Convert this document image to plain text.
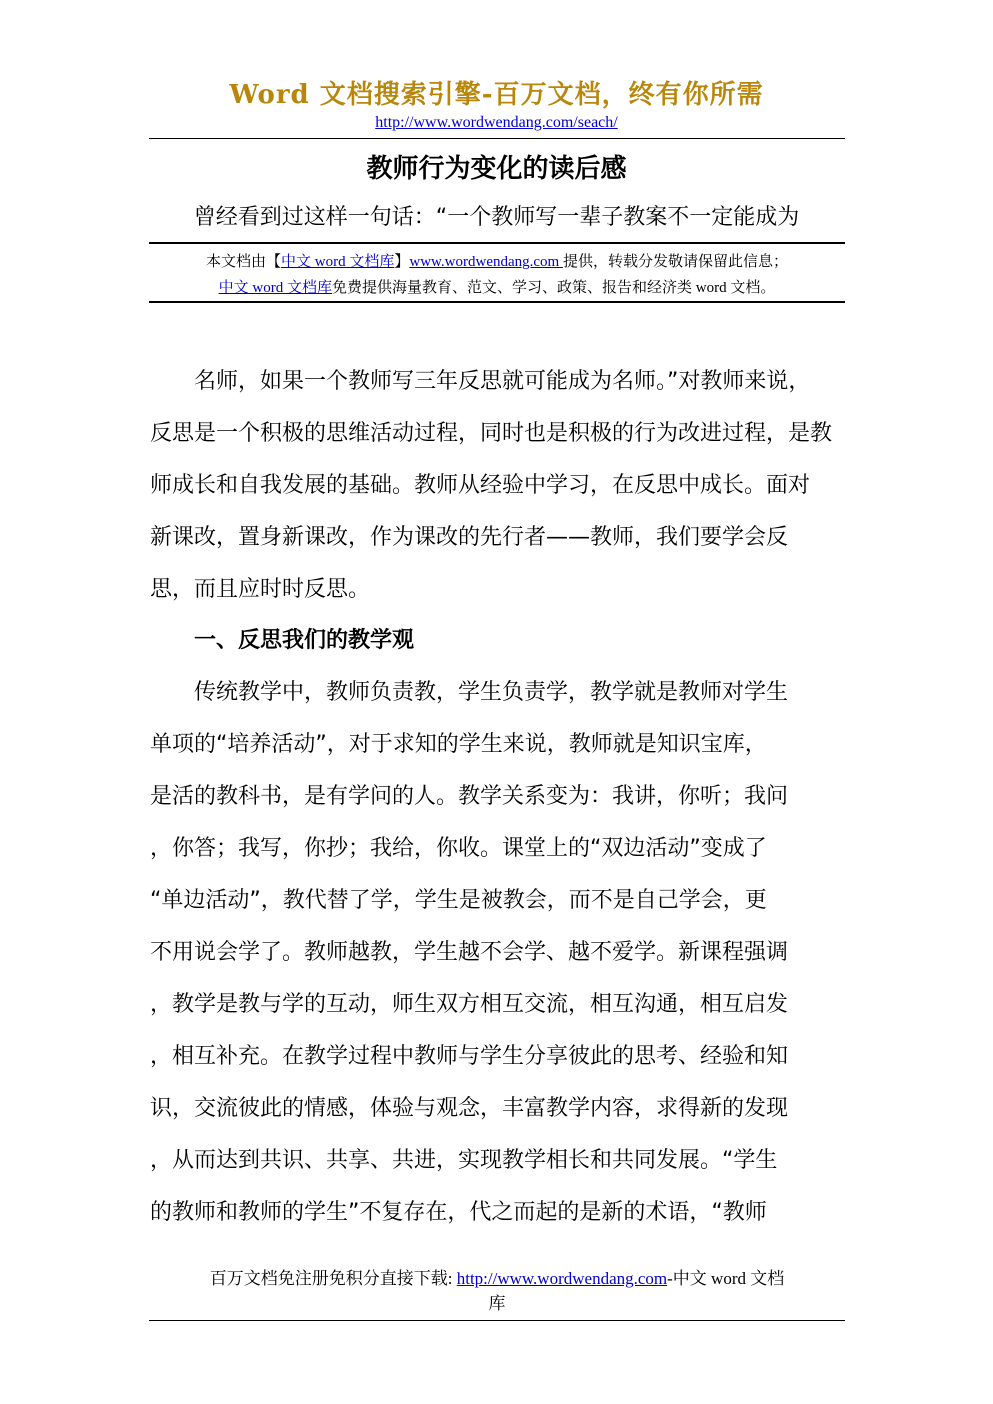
Word 文档搜索引擎-百万文档，终有你所需
http://www.wordwendang.com/seach/
教师行为变化的读后感
曾经看到过这样一句话：“一个教师写一辈子教案不一定能成为
本文档由【中文 word 文档库】www.wordwendang.com 提供，转载分发敬请保留此信息；
中文 word 文档库免费提供海量教育、范文、学习、政策、报告和经济类 word 文档。
　　名师，如果一个教师写三年反思就可能成为名师。”对教师来说，
反思是一个积极的思维活动过程，同时也是积极的行为改进过程，是教
师成长和自我发展的基础。教师从经验中学习，在反思中成长。面对
新课改，置身新课改，作为课改的先行者——教师，我们要学会反
思，而且应时时反思。
　　一、反思我们的教学观
　　传统教学中，教师负责教，学生负责学，教学就是教师对学生
单项的“培养活动”，对于求知的学生来说，教师就是知识宝库，
是活的教科书，是有学问的人。教学关系变为：我讲，你听；我问
，你答；我写，你抄；我给，你收。课堂上的“双边活动”变成了
“单边活动”，教代替了学，学生是被教会，而不是自己学会，更
不用说会学了。教师越教，学生越不会学、越不爱学。新课程强调
，教学是教与学的互动，师生双方相互交流，相互沟通，相互启发
，相互补充。在教学过程中教师与学生分享彼此的思考、经验和知
识，交流彼此的情感，体验与观念，丰富教学内容，求得新的发现
，从而达到共识、共享、共进，实现教学相长和共同发展。“学生
的教师和教师的学生”不复存在，代之而起的是新的术语，“教师
百万文档免注册免积分直接下载: http://www.wordwendang.com-中文 word 文档
库
